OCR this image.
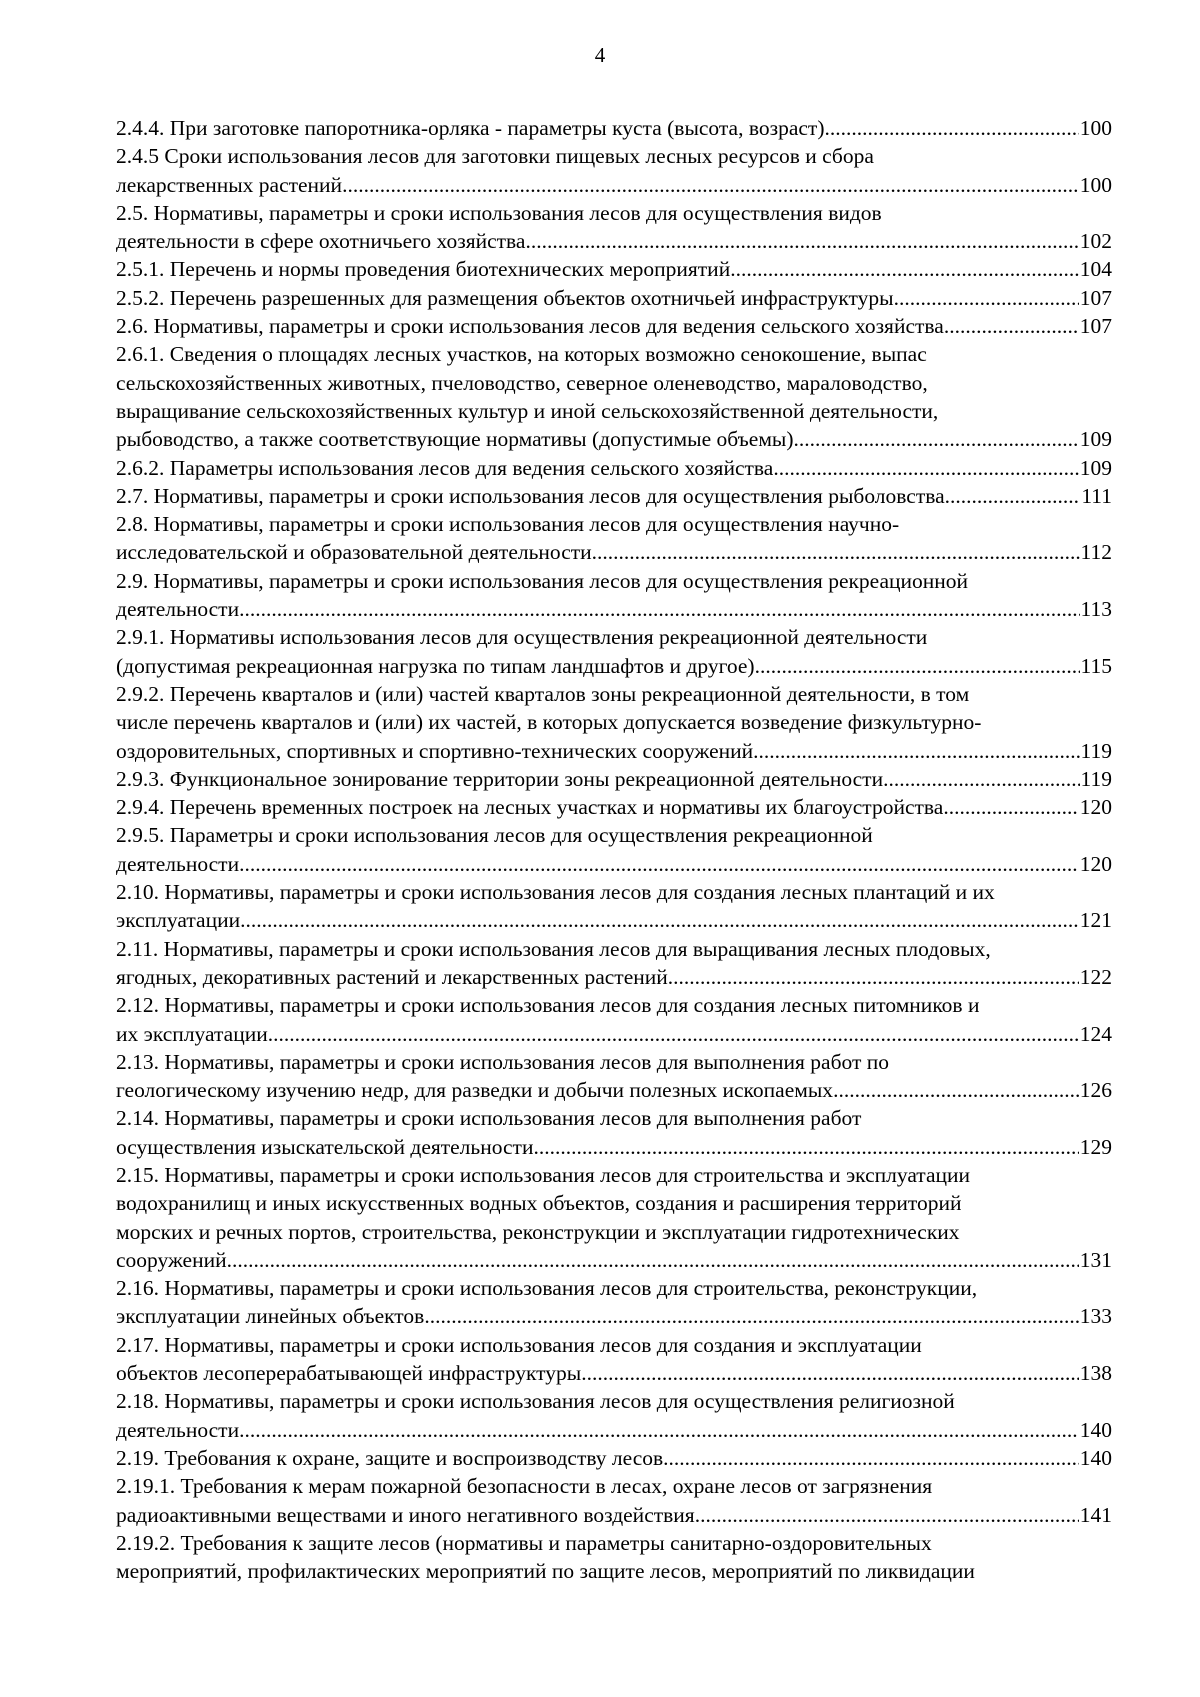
4
2.4.4. При заготовке папоротника-орляка - параметры куста (высота, возраст) .....	100
2.4.5 Сроки использования лесов для заготовки пищевых лесных ресурсов и сбора
лекарственных растений .....	100
2.5. Нормативы, параметры и сроки использования лесов для осуществления видов
деятельности в сфере охотничьего хозяйства .....	102
2.5.1. Перечень и нормы проведения биотехнических мероприятий .....	104
2.5.2. Перечень разрешенных для размещения объектов охотничьей инфраструктуры .....	107
2.6. Нормативы, параметры и сроки использования лесов для ведения сельского хозяйства .....	107
2.6.1. Сведения о площадях лесных участков, на которых возможно сенокошение, выпас
сельскохозяйственных животных, пчеловодство, северное оленеводство, мараловодство,
выращивание сельскохозяйственных культур и иной сельскохозяйственной деятельности,
рыбоводство, а также соответствующие нормативы (допустимые объемы) .....	109
2.6.2. Параметры использования лесов для ведения сельского хозяйства .....	109
2.7. Нормативы, параметры и сроки использования лесов для осуществления рыболовства .....	111
2.8. Нормативы, параметры и сроки использования лесов для осуществления научно-
исследовательской и образовательной деятельности .....	112
2.9. Нормативы, параметры и сроки использования лесов для осуществления рекреационной
деятельности .....	113
2.9.1. Нормативы использования лесов для осуществления рекреационной деятельности
(допустимая рекреационная нагрузка по типам ландшафтов и другое) .....	115
2.9.2. Перечень кварталов и (или) частей кварталов зоны рекреационной деятельности, в том
числе перечень кварталов и (или) их частей, в которых допускается возведение физкультурно-
оздоровительных, спортивных и спортивно-технических сооружений .....	119
2.9.3. Функциональное зонирование территории зоны рекреационной деятельности .....	119
2.9.4. Перечень временных построек на лесных участках и нормативы их благоустройства .....	120
2.9.5. Параметры и сроки использования лесов для осуществления рекреационной
деятельности .....	120
2.10. Нормативы, параметры и сроки использования лесов для создания лесных плантаций и их
эксплуатации .....	121
2.11. Нормативы, параметры и сроки использования лесов для выращивания лесных плодовых,
ягодных, декоративных растений и лекарственных растений .....	122
2.12. Нормативы, параметры и сроки использования лесов для создания лесных питомников и
их эксплуатации .....	124
2.13. Нормативы, параметры и сроки использования лесов для выполнения работ по
геологическому изучению недр, для разведки и добычи полезных ископаемых .....	126
2.14. Нормативы, параметры и сроки использования лесов для выполнения работ
осуществления изыскательской деятельности .....	129
2.15. Нормативы, параметры и сроки использования лесов для строительства и эксплуатации
водохранилищ и иных искусственных водных объектов, создания и расширения территорий
морских и речных портов, строительства, реконструкции и эксплуатации гидротехнических
сооружений .....	131
2.16. Нормативы, параметры и сроки использования лесов для строительства, реконструкции,
эксплуатации линейных объектов .....	133
2.17. Нормативы, параметры и сроки использования лесов для создания и эксплуатации
объектов лесоперерабатывающей инфраструктуры .....	138
2.18. Нормативы, параметры и сроки использования лесов для осуществления религиозной
деятельности .....	140
2.19. Требования к охране, защите и воспроизводству лесов .....	140
2.19.1. Требования к мерам пожарной безопасности в лесах, охране лесов от загрязнения
радиоактивными веществами и иного негативного воздействия .....	141
2.19.2. Требования к защите лесов (нормативы и параметры санитарно-оздоровительных
мероприятий, профилактических мероприятий по защите лесов, мероприятий по ликвидации
